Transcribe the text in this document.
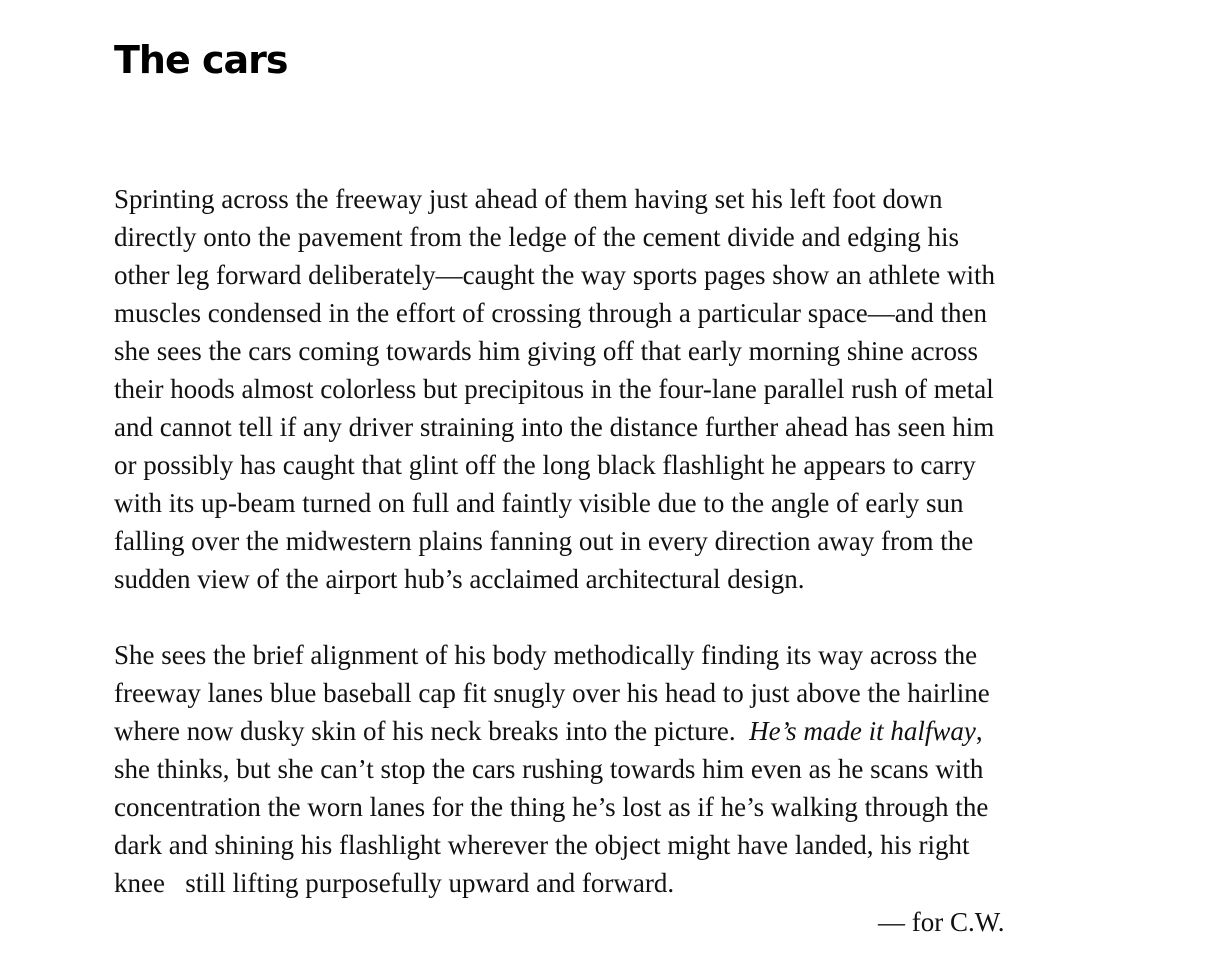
The cars

Sprinting across the freeway just ahead of them having set his left foot down
directly onto the pavement from the ledge of the cement divide and edging his
other leg forward deliberately—caught the way sports pages show an athlete with
muscles condensed in the effort of crossing through a particular space—and then
she sees the cars coming towards him giving off that early morning shine across
their hoods almost colorless but precipitous in the four-lane parallel rush of metal
and cannot tell if any driver straining into the distance further ahead has seen him
or possibly has caught that glint off the long black flashlight he appears to carry
with its up-beam turned on full and faintly visible due to the angle of early sun
falling over the midwestern plains fanning out in every direction away from the
sudden view of the airport hub’s acclaimed architectural design.

She sees the brief alignment of his body methodically finding its way across the
freeway lanes blue baseball cap fit snugly over his head to just above the hairline
where now dusky skin of his neck breaks into the picture.  He’s made it halfway,
she thinks, but she can’t stop the cars rushing towards him even as he scans with
concentration the worn lanes for the thing he’s lost as if he’s walking through the
dark and shining his flashlight wherever the object might have landed, his right
knee   still lifting purposefully upward and forward.

— for C.W.
